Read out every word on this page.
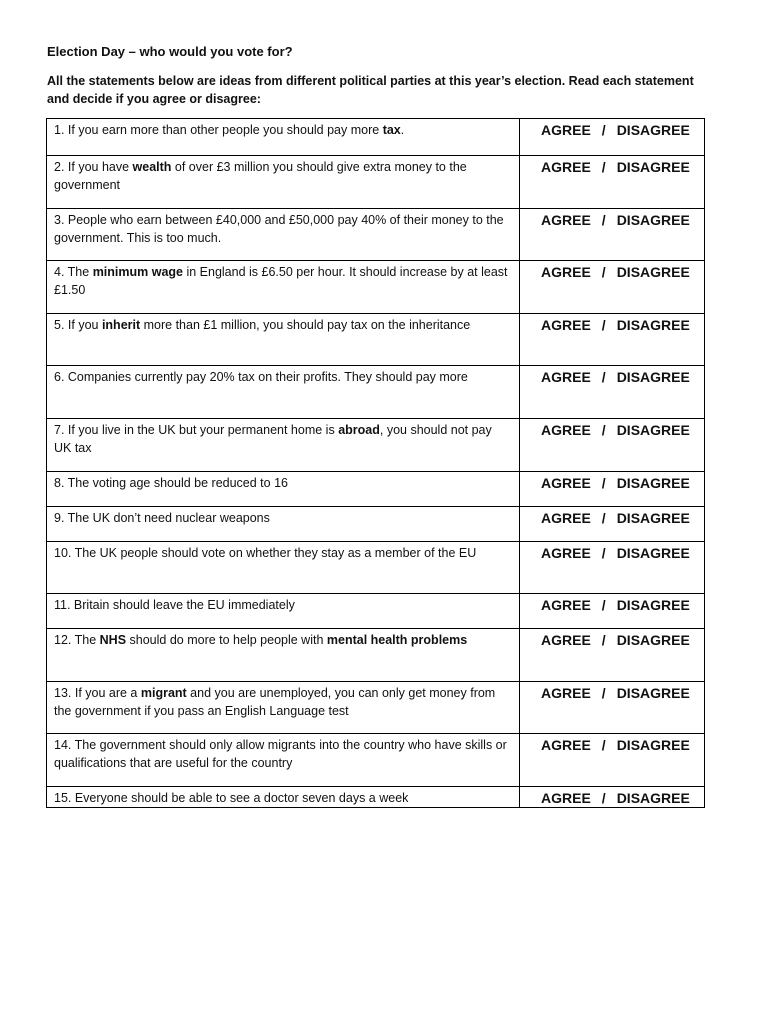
Election Day – who would you vote for?
All the statements below are ideas from different political parties at this year’s election. Read each statement and decide if you agree or disagree:
1. If you earn more than other people you should pay more tax.	AGREE / DISAGREE
2. If you have wealth of over £3 million you should give extra money to the government	AGREE / DISAGREE
3. People who earn between £40,000 and £50,000 pay 40% of their money to the government. This is too much.	AGREE / DISAGREE
4. The minimum wage in England is £6.50 per hour. It should increase by at least £1.50	AGREE / DISAGREE
5. If you inherit more than £1 million, you should pay tax on the inheritance	AGREE / DISAGREE
6. Companies currently pay 20% tax on their profits. They should pay more	AGREE / DISAGREE
7. If you live in the UK but your permanent home is abroad, you should not pay UK tax	AGREE / DISAGREE
8. The voting age should be reduced to 16	AGREE / DISAGREE
9. The UK don’t need nuclear weapons	AGREE / DISAGREE
10. The UK people should vote on whether they stay as a member of the EU	AGREE / DISAGREE
11. Britain should leave the EU immediately	AGREE / DISAGREE
12. The NHS should do more to help people with mental health problems	AGREE / DISAGREE
13. If you are a migrant and you are unemployed, you can only get money from the government if you pass an English Language test	AGREE / DISAGREE
14. The government should only allow migrants into the country who have skills or qualifications that are useful for the country	AGREE / DISAGREE
15. Everyone should be able to see a doctor seven days a week	AGREE / DISAGREE
